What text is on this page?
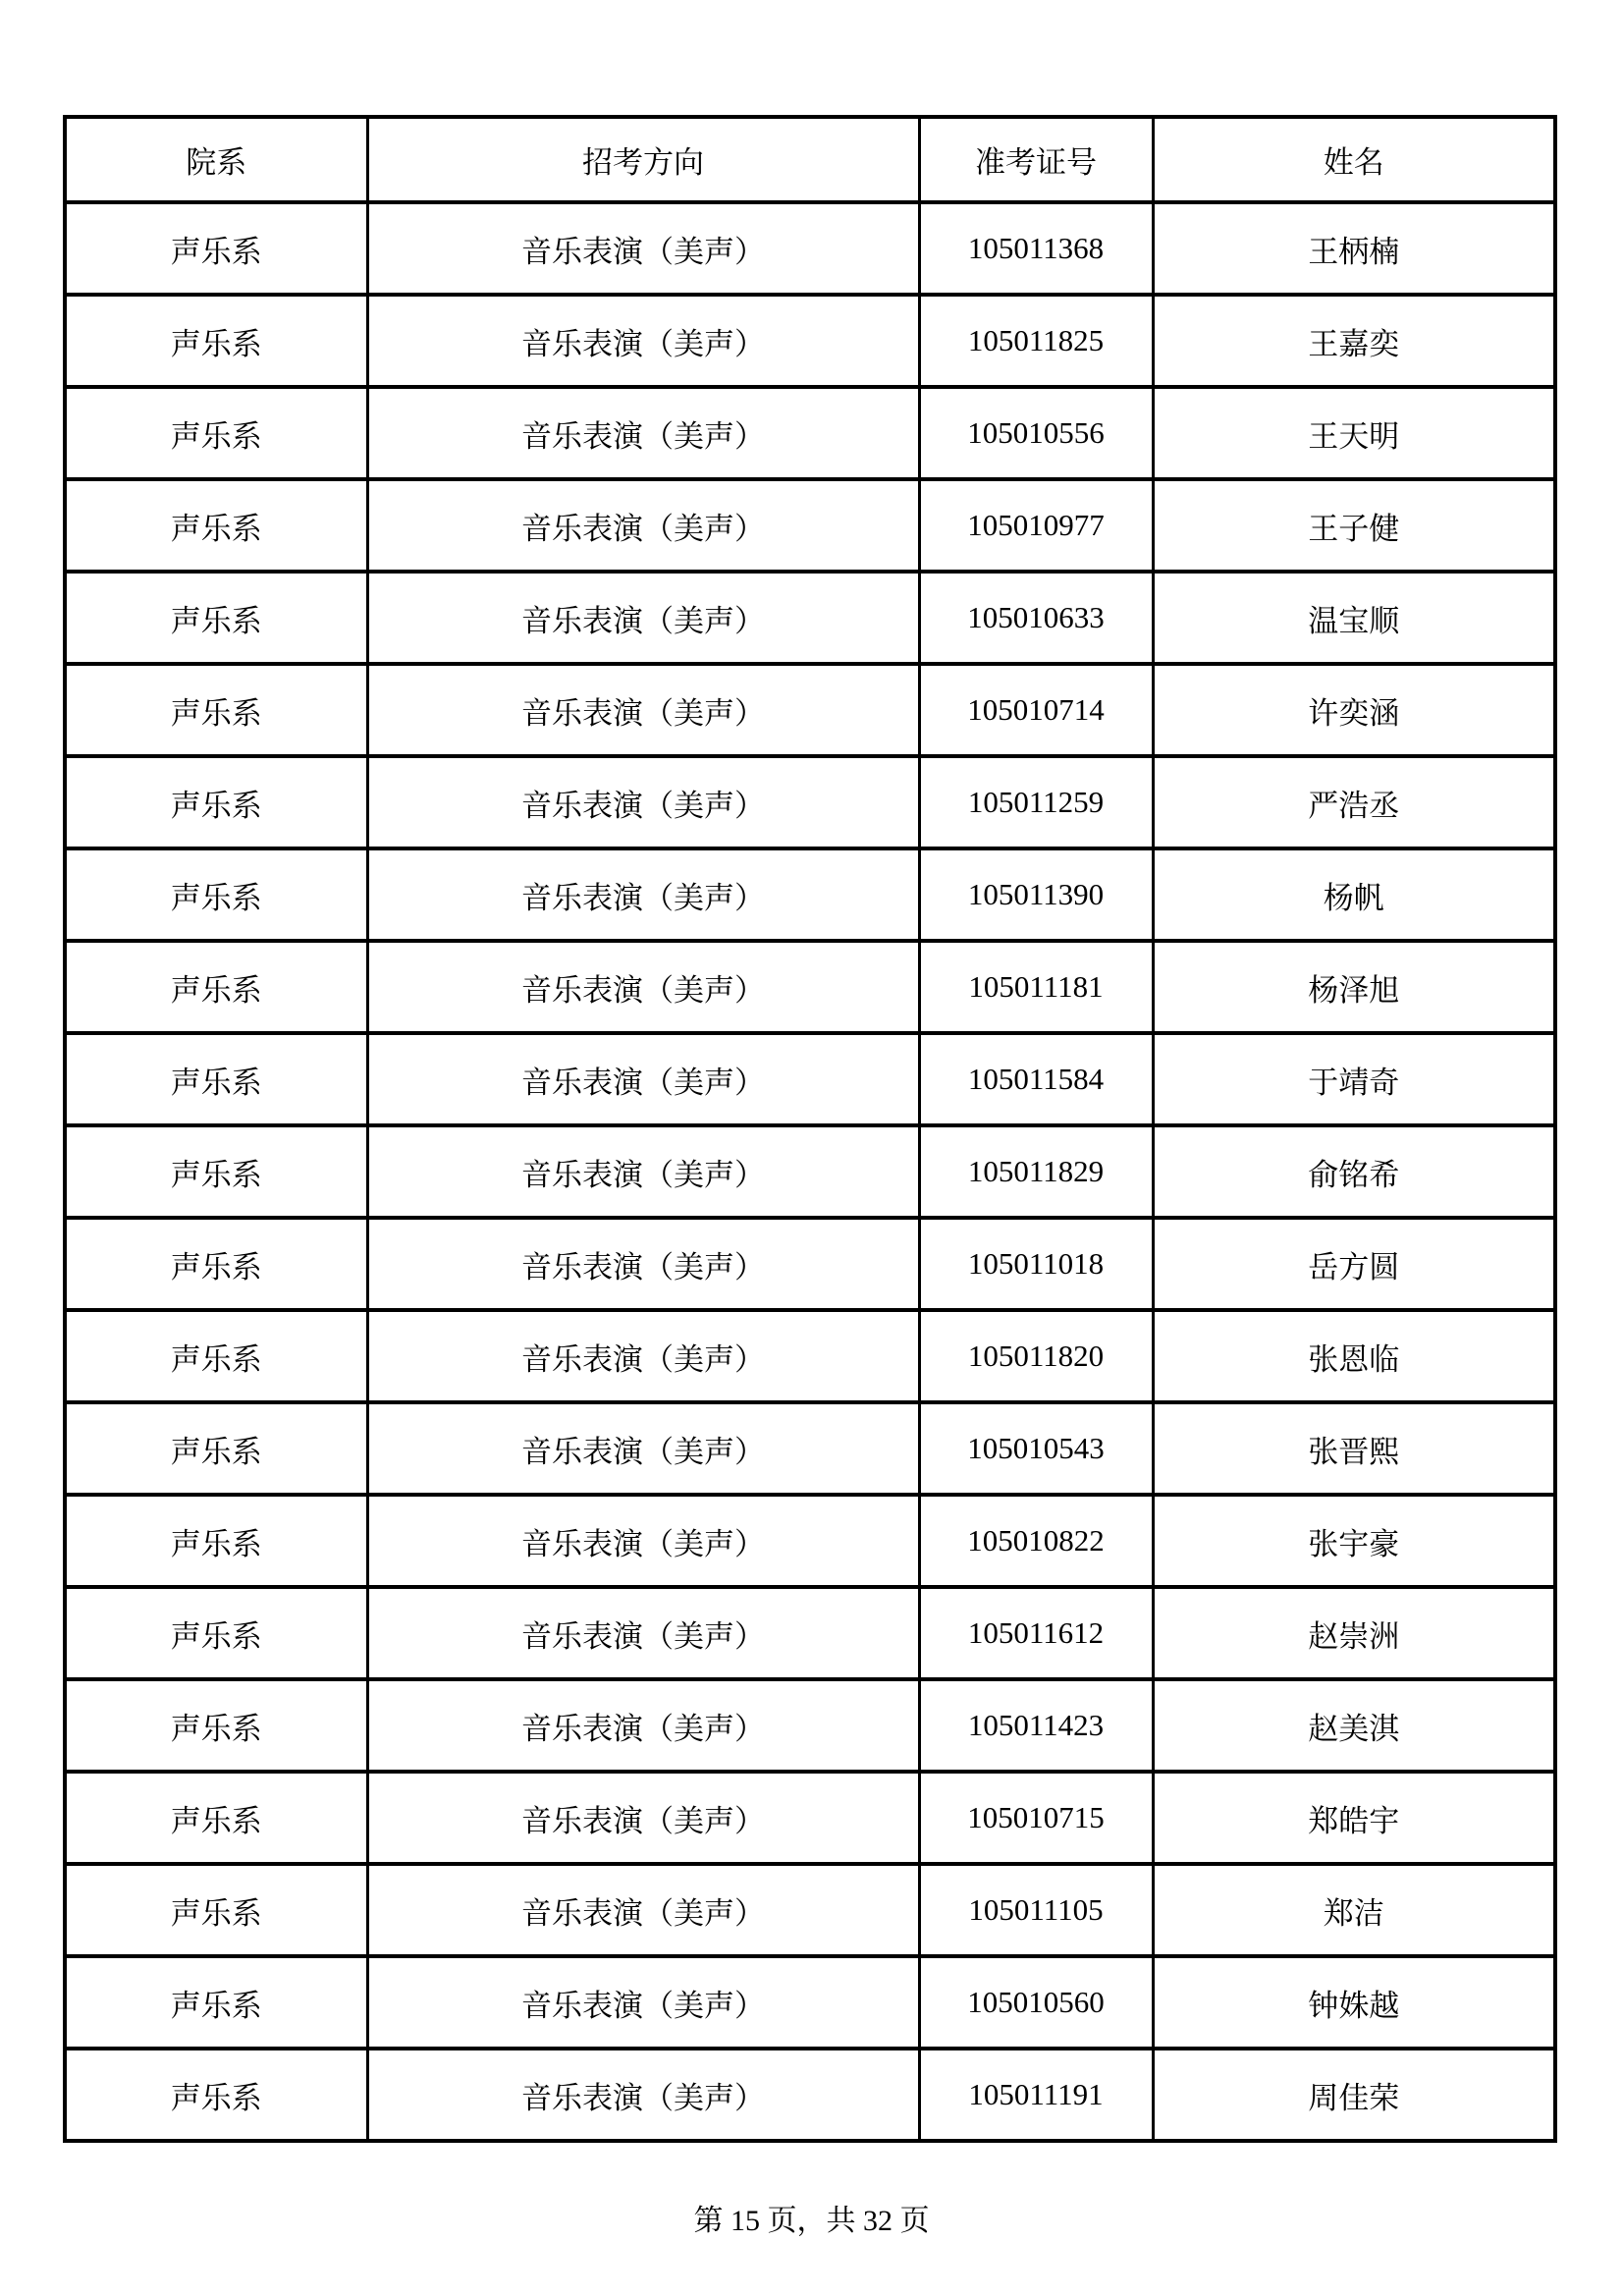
院系	招考方向	准考证号	姓名
声乐系	音乐表演（美声）	105011368	王柄楠
声乐系	音乐表演（美声）	105011825	王嘉奕
声乐系	音乐表演（美声）	105010556	王天明
声乐系	音乐表演（美声）	105010977	王子健
声乐系	音乐表演（美声）	105010633	温宝顺
声乐系	音乐表演（美声）	105010714	许奕涵
声乐系	音乐表演（美声）	105011259	严浩丞
声乐系	音乐表演（美声）	105011390	杨帆
声乐系	音乐表演（美声）	105011181	杨泽旭
声乐系	音乐表演（美声）	105011584	于靖奇
声乐系	音乐表演（美声）	105011829	俞铭希
声乐系	音乐表演（美声）	105011018	岳方圆
声乐系	音乐表演（美声）	105011820	张恩临
声乐系	音乐表演（美声）	105010543	张晋熙
声乐系	音乐表演（美声）	105010822	张宇豪
声乐系	音乐表演（美声）	105011612	赵崇洲
声乐系	音乐表演（美声）	105011423	赵美淇
声乐系	音乐表演（美声）	105010715	郑皓宇
声乐系	音乐表演（美声）	105011105	郑洁
声乐系	音乐表演（美声）	105010560	钟姝越
声乐系	音乐表演（美声）	105011191	周佳荣
第 15 页，共 32 页
